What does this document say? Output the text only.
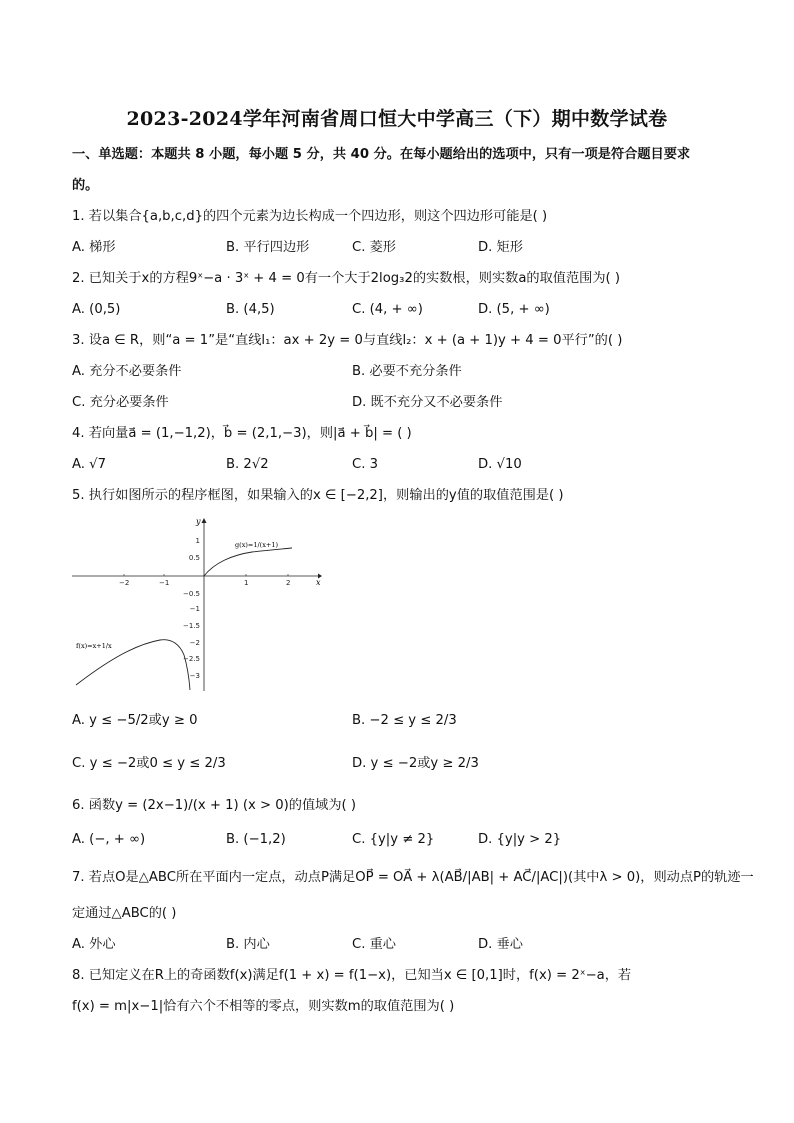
2023-2024学年河南省周口恒大中学高三（下）期中数学试卷
一、单选题：本题共 8 小题，每小题 5 分，共 40 分。在每小题给出的选项中，只有一项是符合题目要求
的。
1. 若以集合{a,b,c,d}的四个元素为边长构成一个四边形，则这个四边形可能是( )
A. 梯形	B. 平行四边形	C. 菱形	D. 矩形
2. 已知关于x的方程9ˣ−a · 3ˣ + 4 = 0有一个大于2log₃2的实数根，则实数a的取值范围为( )
A. (0,5)	B. (4,5)	C. (4, + ∞)	D. (5, + ∞)
3. 设a ∈ R，则“a = 1”是“直线l₁：ax + 2y = 0与直线l₂：x + (a + 1)y + 4 = 0平行”的( )
A. 充分不必要条件	B. 必要不充分条件
C. 充分必要条件	D. 既不充分又不必要条件
4. 若向量a⃗ = (1,−1,2)，b⃗ = (2,1,−3)，则|a⃗ + b⃗| = ( )
A. √7	B. 2√2	C. 3	D. √10
5. 执行如图所示的程序框图，如果输入的x ∈ [−2,2]，则输出的y值的取值范围是( )
x
y
−2	−1	1	2
1
0.5
−0.5
−1
−1.5
−2
−2.5
−3
g(x)=1/(x+1)
f(x)=x+1/x
A. y ≤ −5/2或y ≥ 0	B. −2 ≤ y ≤ 2/3
C. y ≤ −2或0 ≤ y ≤ 2/3	D. y ≤ −2或y ≥ 2/3
6. 函数y = (2x−1)/(x + 1) (x > 0)的值域为( )
A. (−, + ∞)	B. (−1,2)	C. {y|y ≠ 2}	D. {y|y > 2}
7. 若点O是△ABC所在平面内一定点，动点P满足OP⃗ = OA⃗ + λ(AB⃗/|AB| + AC⃗/|AC|)(其中λ > 0)，则动点P的轨迹一
定通过△ABC的( )
A. 外心	B. 内心	C. 重心	D. 垂心
8. 已知定义在R上的奇函数f(x)满足f(1 + x) = f(1−x)，已知当x ∈ [0,1]时，f(x) = 2ˣ−a，若
f(x) = m|x−1|恰有六个不相等的零点，则实数m的取值范围为( )
